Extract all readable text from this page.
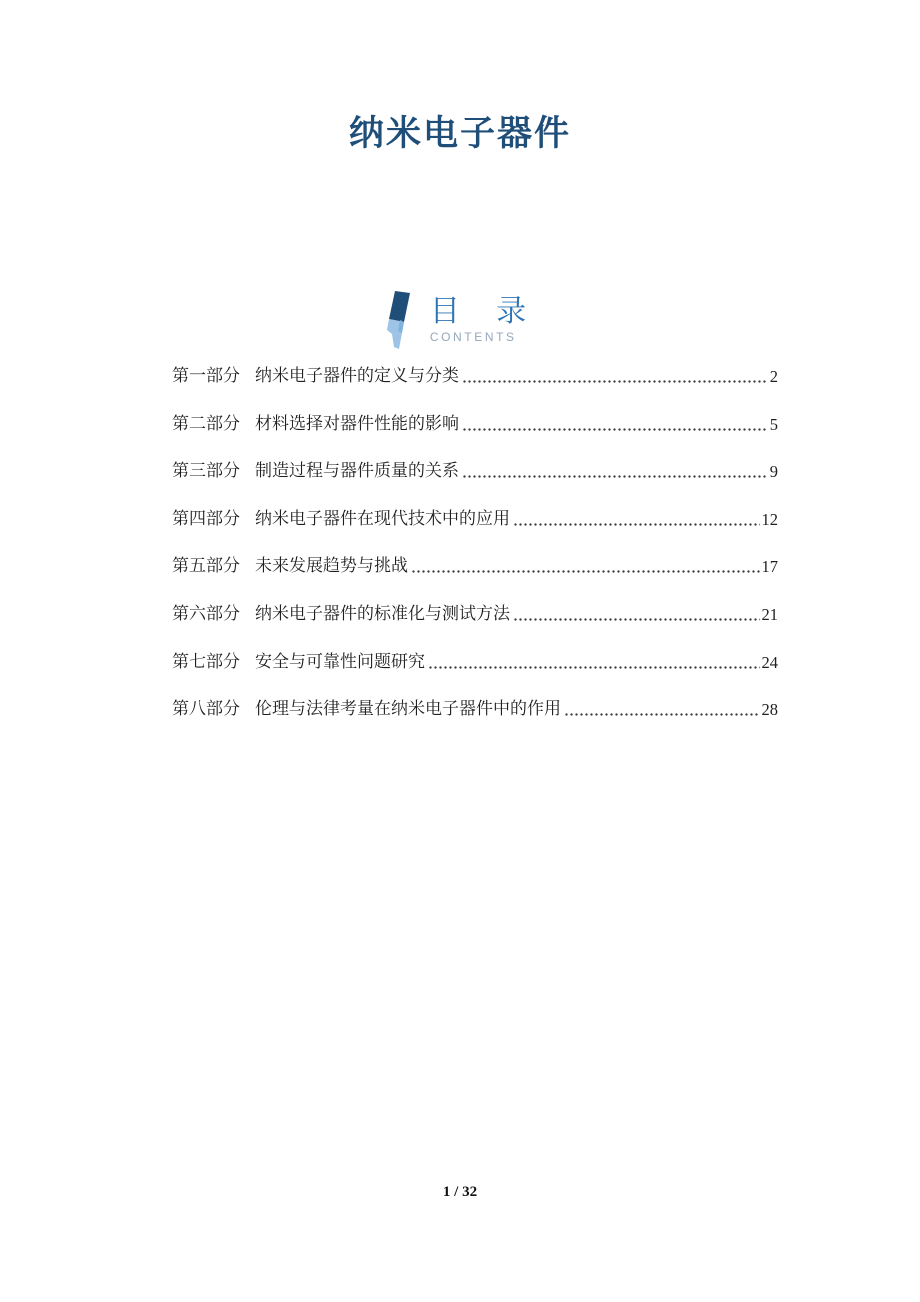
纳米电子器件
目 录
CONTENTS
第一部分 纳米电子器件的定义与分类	2
第二部分 材料选择对器件性能的影响	5
第三部分 制造过程与器件质量的关系	9
第四部分 纳米电子器件在现代技术中的应用	12
第五部分 未来发展趋势与挑战	17
第六部分 纳米电子器件的标准化与测试方法	21
第七部分 安全与可靠性问题研究	24
第八部分 伦理与法律考量在纳米电子器件中的作用	28
1 / 32
